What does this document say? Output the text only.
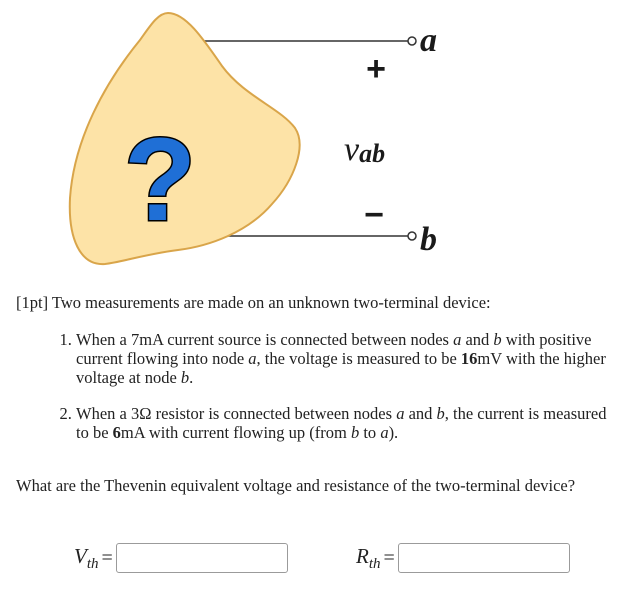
?
a
b
+
−
vab

[1pt] Two measurements are made on an unknown two-terminal device:

1. When a 7mA current source is connected between nodes a and b with positive current flowing into node a, the voltage is measured to be 16mV with the higher voltage at node b.
2. When a 3Ω resistor is connected between nodes a and b, the current is measured to be 6mA with current flowing up (from b to a).

What are the Thevenin equivalent voltage and resistance of the two-terminal device?

$V_{th}$ =	$R_{th}$ =
